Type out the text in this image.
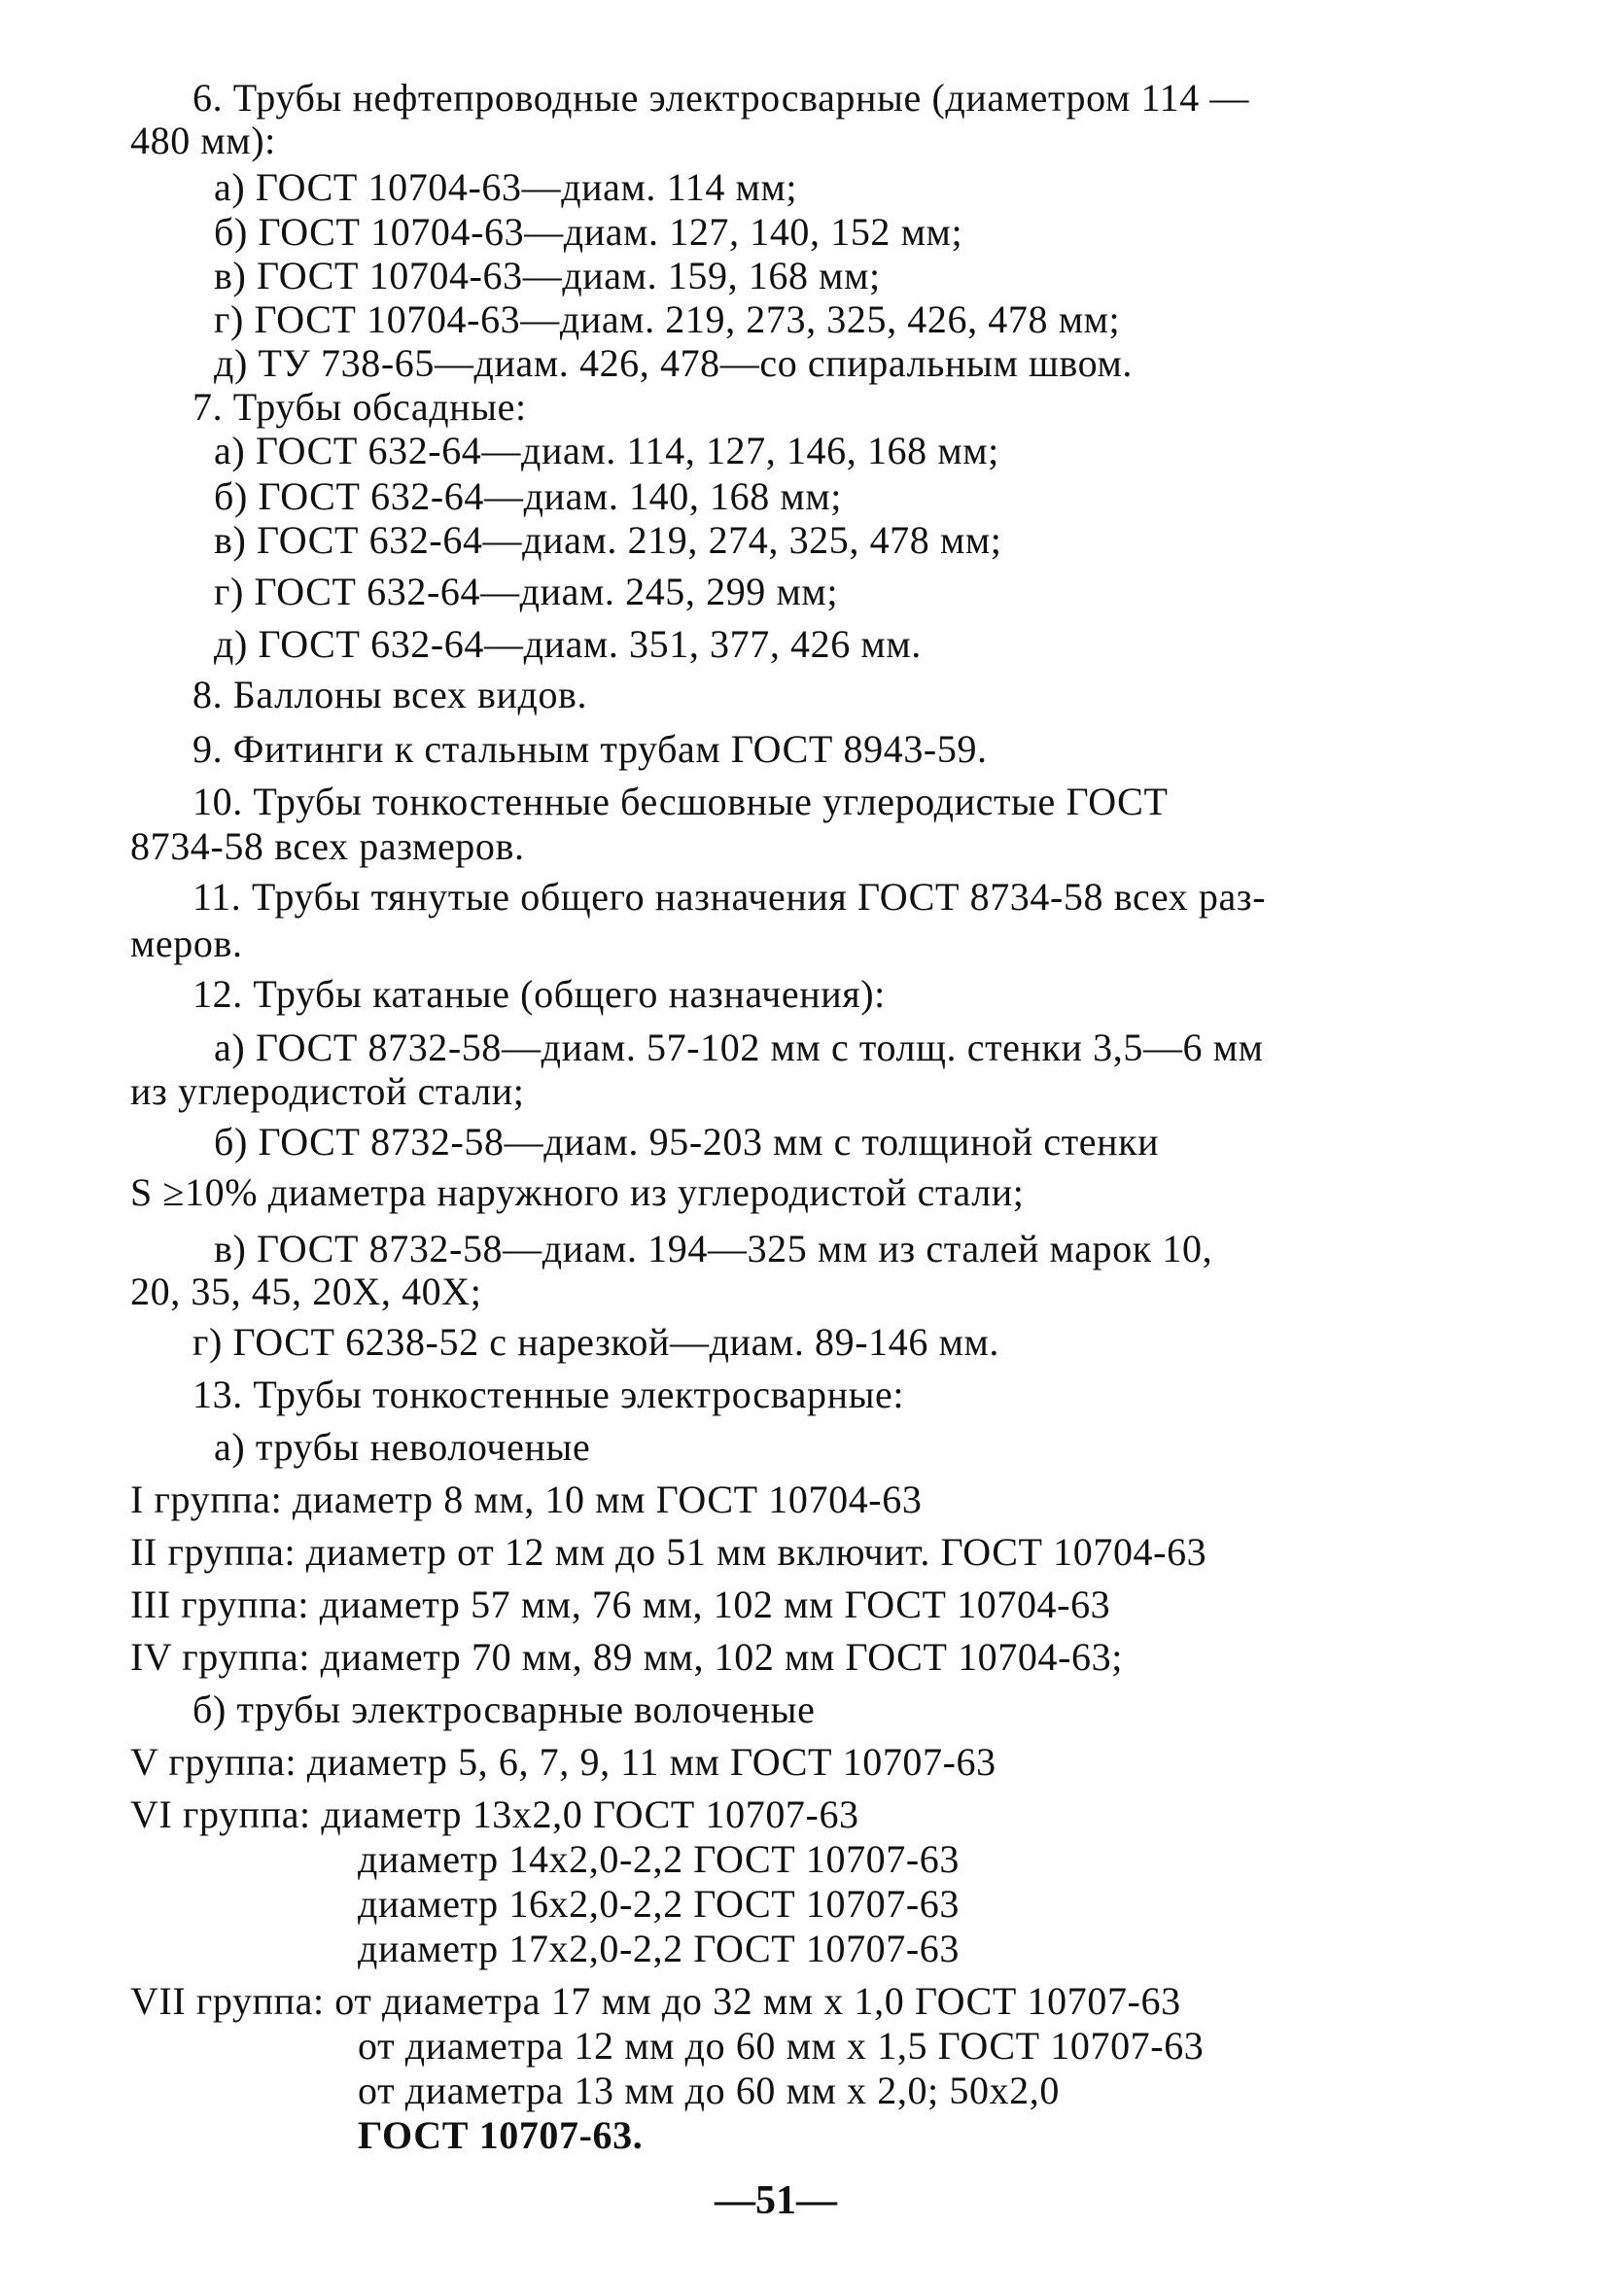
6. Трубы нефтепроводные электросварные (диаметром 114 —
480 мм):
а) ГОСТ 10704-63—диам. 114 мм;
б) ГОСТ 10704-63—диам. 127, 140, 152 мм;
в) ГОСТ 10704-63—диам. 159, 168 мм;
г) ГОСТ 10704-63—диам. 219, 273, 325, 426, 478 мм;
д) ТУ 738-65—диам. 426, 478—со спиральным швом.
7. Трубы обсадные:
а) ГОСТ 632-64—диам. 114, 127, 146, 168 мм;
б) ГОСТ 632-64—диам. 140, 168 мм;
в) ГОСТ 632-64—диам. 219, 274, 325, 478 мм;
г) ГОСТ 632-64—диам. 245, 299 мм;
д) ГОСТ 632-64—диам. 351, 377, 426 мм.
8. Баллоны всех видов.
9. Фитинги к стальным трубам ГОСТ 8943-59.
10. Трубы тонкостенные бесшовные углеродистые ГОСТ
8734-58 всех размеров.
11. Трубы тянутые общего назначения ГОСТ 8734-58 всех раз-
меров.
12. Трубы катаные (общего назначения):
а) ГОСТ 8732-58—диам. 57-102 мм с толщ. стенки 3,5—6 мм
из углеродистой стали;
б) ГОСТ 8732-58—диам. 95-203 мм с толщиной стенки
S ≥10% диаметра наружного из углеродистой стали;
в) ГОСТ 8732-58—диам. 194—325 мм из сталей марок 10,
20, 35, 45, 20Х, 40Х;
г) ГОСТ 6238-52 с нарезкой—диам. 89-146 мм.
13. Трубы тонкостенные электросварные:
а) трубы неволоченые
I группа: диаметр 8 мм, 10 мм ГОСТ 10704-63
II группа: диаметр от 12 мм до 51 мм включит. ГОСТ 10704-63
III группа: диаметр 57 мм, 76 мм, 102 мм ГОСТ 10704-63
IV группа: диаметр 70 мм, 89 мм, 102 мм ГОСТ 10704-63;
б) трубы электросварные волоченые
V группа: диаметр 5, 6, 7, 9, 11 мм ГОСТ 10707-63
VI группа: диаметр 13х2,0 ГОСТ 10707-63
диаметр 14х2,0-2,2 ГОСТ 10707-63
диаметр 16х2,0-2,2 ГОСТ 10707-63
диаметр 17х2,0-2,2 ГОСТ 10707-63
VII группа: от диаметра 17 мм до 32 мм х 1,0 ГОСТ 10707-63
от диаметра 12 мм до 60 мм х 1,5 ГОСТ 10707-63
от диаметра 13 мм до 60 мм х 2,0; 50х2,0
ГОСТ 10707-63.
—51—
